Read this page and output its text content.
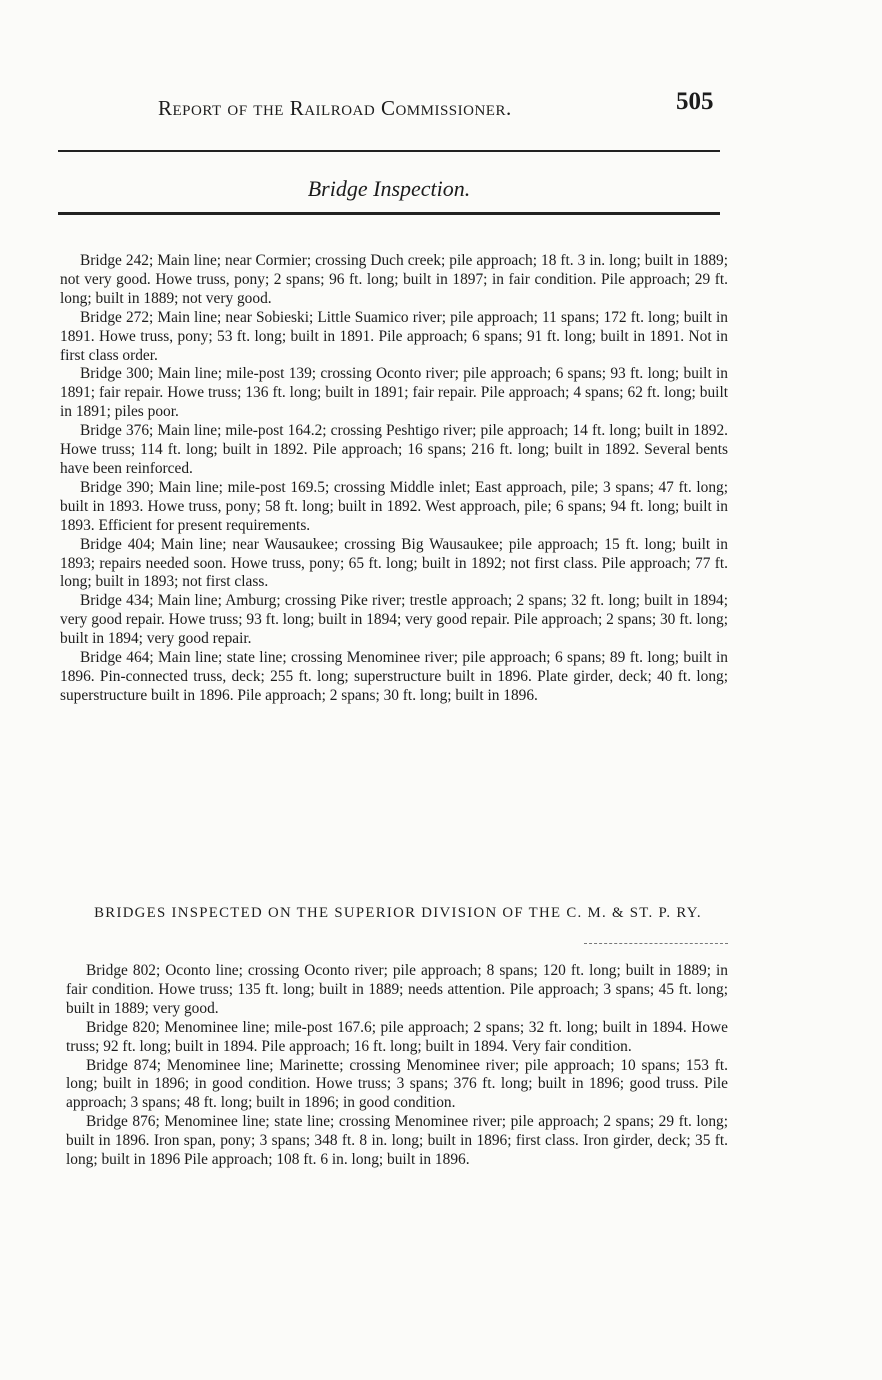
Report of the Railroad Commissioner.	505
Bridge Inspection.

Bridge 242; Main line; near Cormier; crossing Duch creek; pile approach; 18 ft. 3 in. long; built in 1889; not very good. Howe truss, pony; 2 spans; 96 ft. long; built in 1897; in fair condition. Pile approach; 29 ft. long; built in 1889; not very good.

Bridge 272; Main line; near Sobieski; Little Suamico river; pile approach; 11 spans; 172 ft. long; built in 1891. Howe truss, pony; 53 ft. long; built in 1891. Pile approach; 6 spans; 91 ft. long; built in 1891. Not in first class order.

Bridge 300; Main line; mile-post 139; crossing Oconto river; pile approach; 6 spans; 93 ft. long; built in 1891; fair repair. Howe truss; 136 ft. long; built in 1891; fair repair. Pile approach; 4 spans; 62 ft. long; built in 1891; piles poor.

Bridge 376; Main line; mile-post 164.2; crossing Peshtigo river; pile approach; 14 ft. long; built in 1892. Howe truss; 114 ft. long; built in 1892. Pile approach; 16 spans; 216 ft. long; built in 1892. Several bents have been reinforced.

Bridge 390; Main line; mile-post 169.5; crossing Middle inlet; East approach, pile; 3 spans; 47 ft. long; built in 1893. Howe truss, pony; 58 ft. long; built in 1892. West approach, pile; 6 spans; 94 ft. long; built in 1893. Efficient for present requirements.

Bridge 404; Main line; near Wausaukee; crossing Big Wausaukee; pile approach; 15 ft. long; built in 1893; repairs needed soon. Howe truss, pony; 65 ft. long; built in 1892; not first class. Pile approach; 77 ft. long; built in 1893; not first class.

Bridge 434; Main line; Amburg; crossing Pike river; trestle approach; 2 spans; 32 ft. long; built in 1894; very good repair. Howe truss; 93 ft. long; built in 1894; very good repair. Pile approach; 2 spans; 30 ft. long; built in 1894; very good repair.

Bridge 464; Main line; state line; crossing Menominee river; pile approach; 6 spans; 89 ft. long; built in 1896. Pin-connected truss, deck; 255 ft. long; superstructure built in 1896. Plate girder, deck; 40 ft. long; superstructure built in 1896. Pile approach; 2 spans; 30 ft. long; built in 1896.

BRIDGES INSPECTED ON THE SUPERIOR DIVISION OF THE C. M. & ST. P. RY.

Bridge 802; Oconto line; crossing Oconto river; pile approach; 8 spans; 120 ft. long; built in 1889; in fair condition. Howe truss; 135 ft. long; built in 1889; needs attention. Pile approach; 3 spans; 45 ft. long; built in 1889; very good.

Bridge 820; Menominee line; mile-post 167.6; pile approach; 2 spans; 32 ft. long; built in 1894. Howe truss; 92 ft. long; built in 1894. Pile approach; 16 ft. long; built in 1894. Very fair condition.

Bridge 874; Menominee line; Marinette; crossing Menominee river; pile approach; 10 spans; 153 ft. long; built in 1896; in good condition. Howe truss; 3 spans; 376 ft. long; built in 1896; good truss. Pile approach; 3 spans; 48 ft. long; built in 1896; in good condition.

Bridge 876; Menominee line; state line; crossing Menominee river; pile approach; 2 spans; 29 ft. long; built in 1896. Iron span, pony; 3 spans; 348 ft. 8 in. long; built in 1896; first class. Iron girder, deck; 35 ft. long; built in 1896 Pile approach; 108 ft. 6 in. long; built in 1896.
